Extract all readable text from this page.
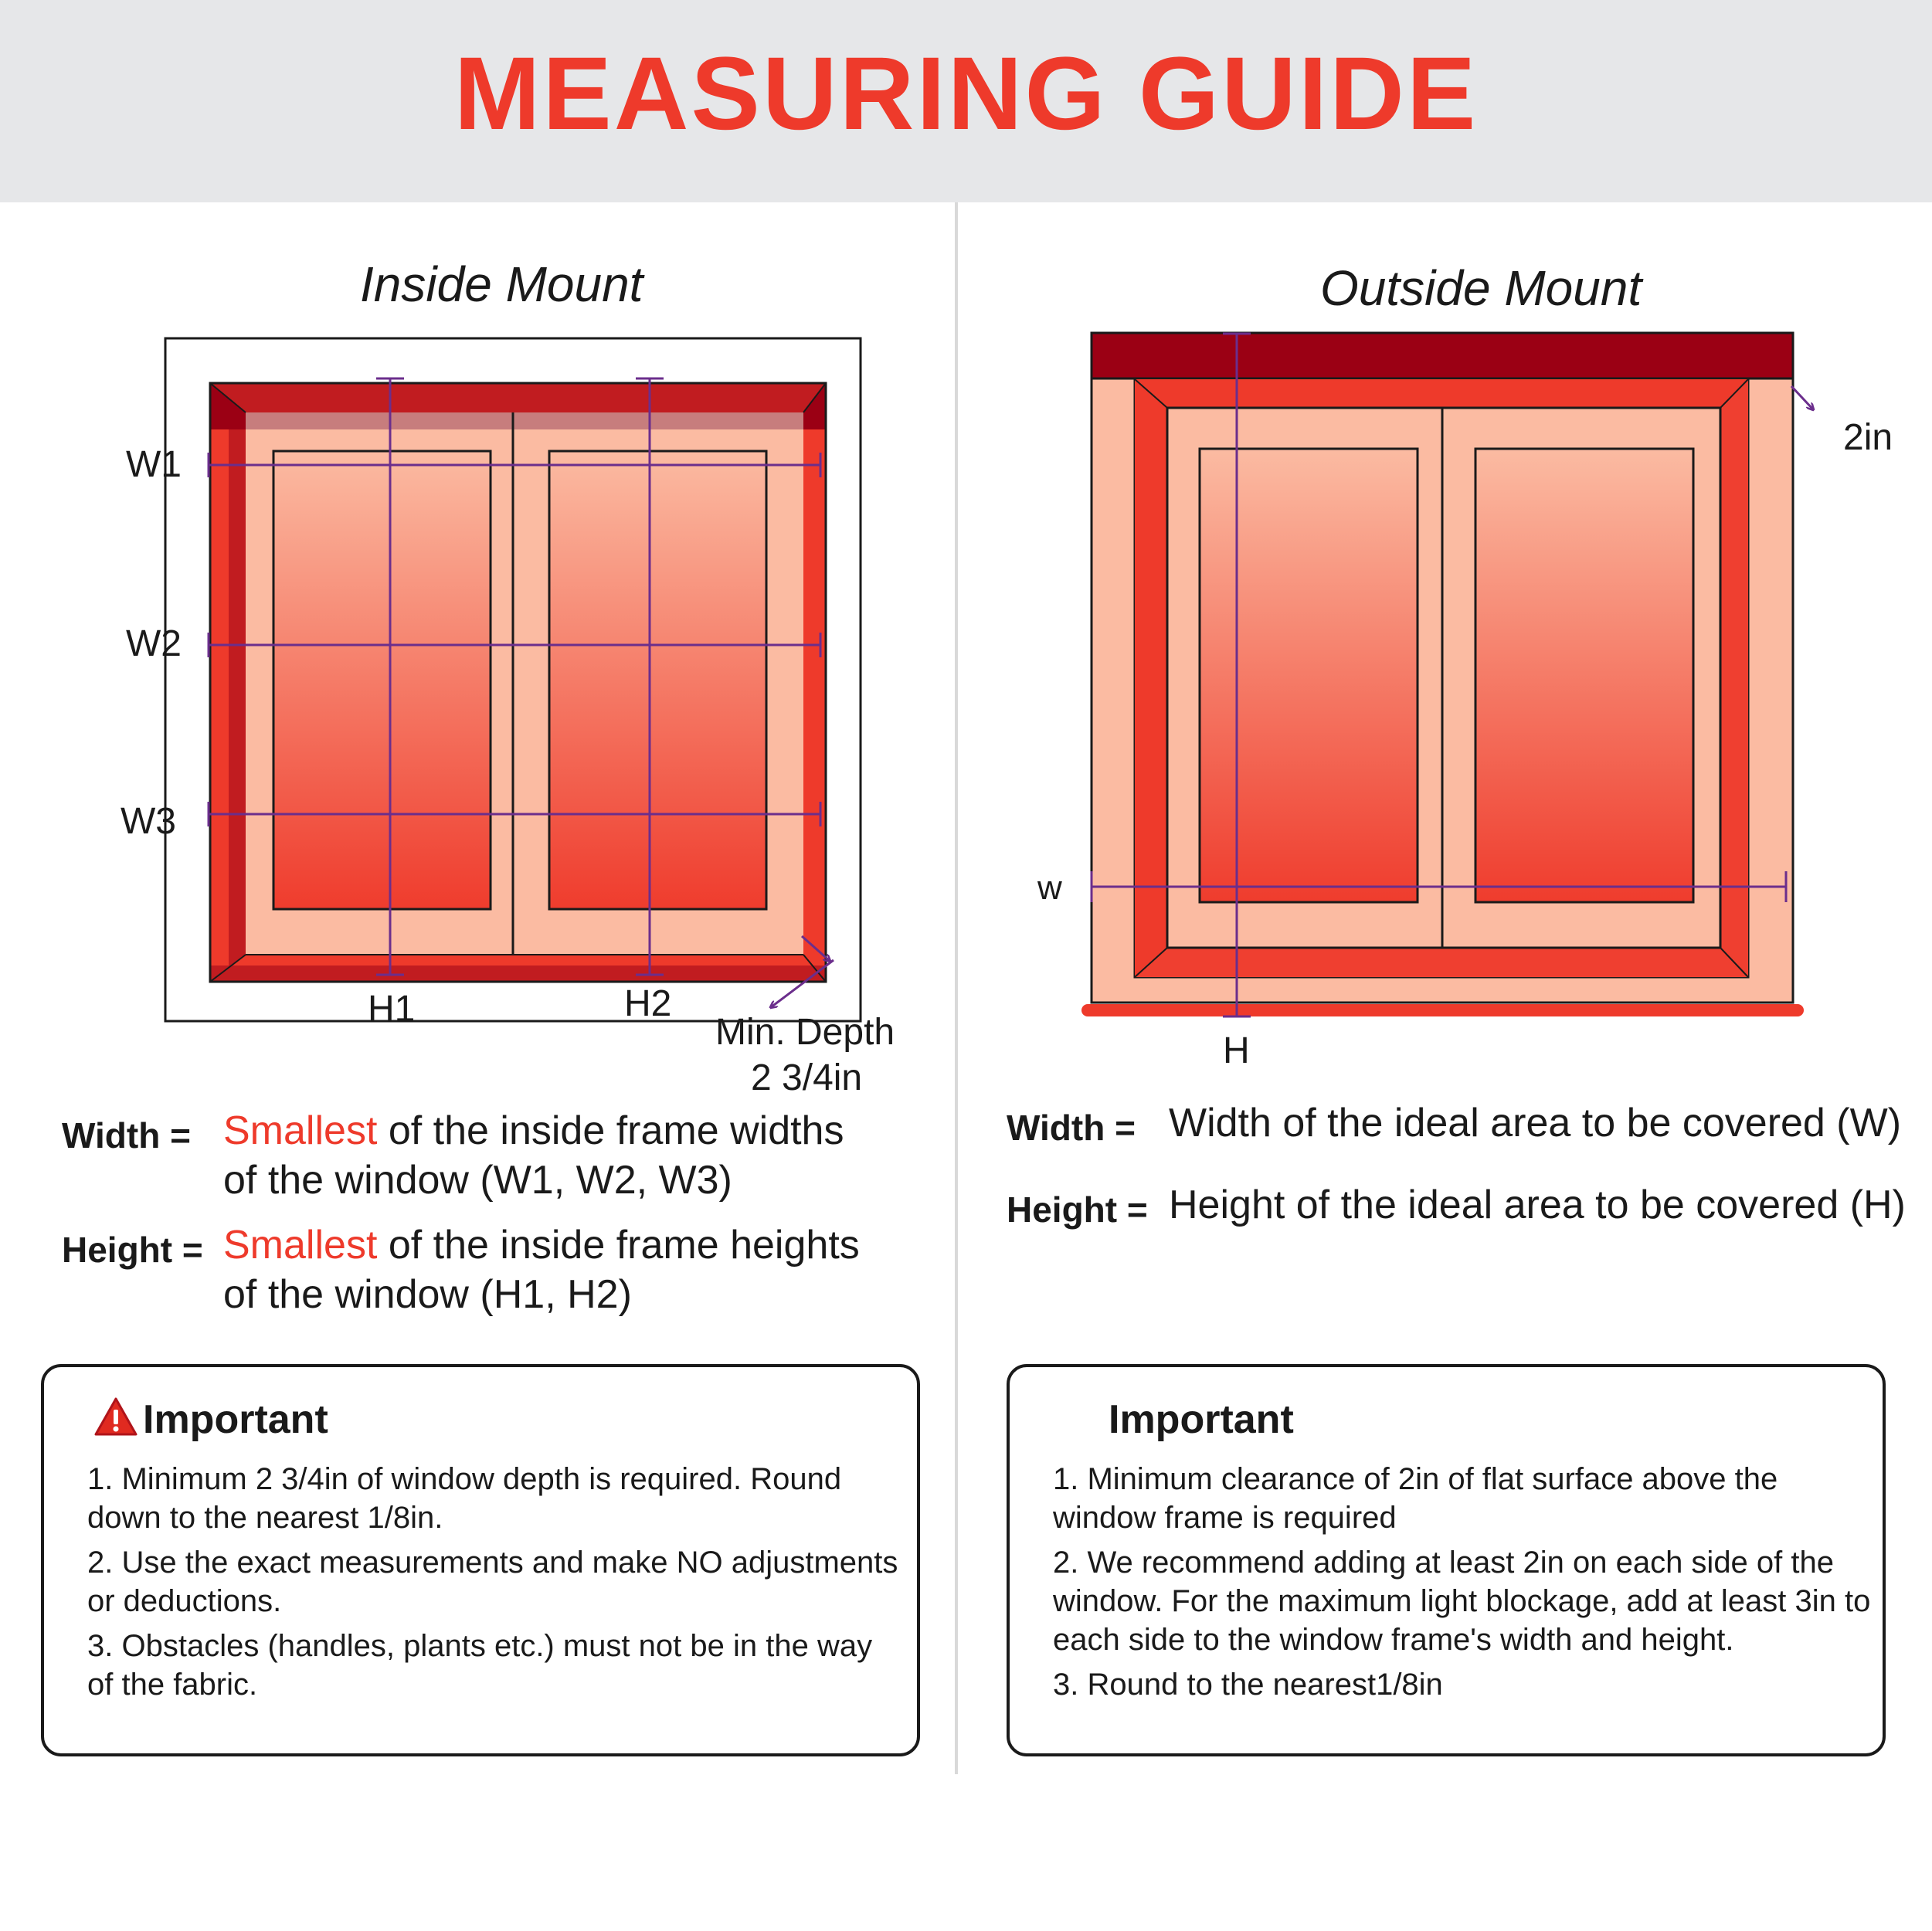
MEASURING GUIDE
Inside Mount	Outside Mount
W1
W2
W3
H1	H2
Min. Depth
2 3/4in
2in
w
H
Width = Smallest of the inside frame widths
of the window (W1, W2, W3)
Height = Smallest of the inside frame heights
of the window (H1, H2)
Width = Width of the ideal area to be covered (W)
Height = Height of the ideal area to be covered (H)
Important
1. Minimum 2 3/4in of window depth is required. Round down to the nearest 1/8in.
2. Use the exact measurements and make NO adjustments or deductions.
3. Obstacles (handles, plants etc.) must not be in the way of the fabric.
Important
1. Minimum clearance of 2in of flat surface above the window frame is required
2. We recommend adding at least 2in on each side of the window. For the maximum light blockage, add at least 3in to each side to the window frame's width and height.
3. Round to the nearest1/8in
